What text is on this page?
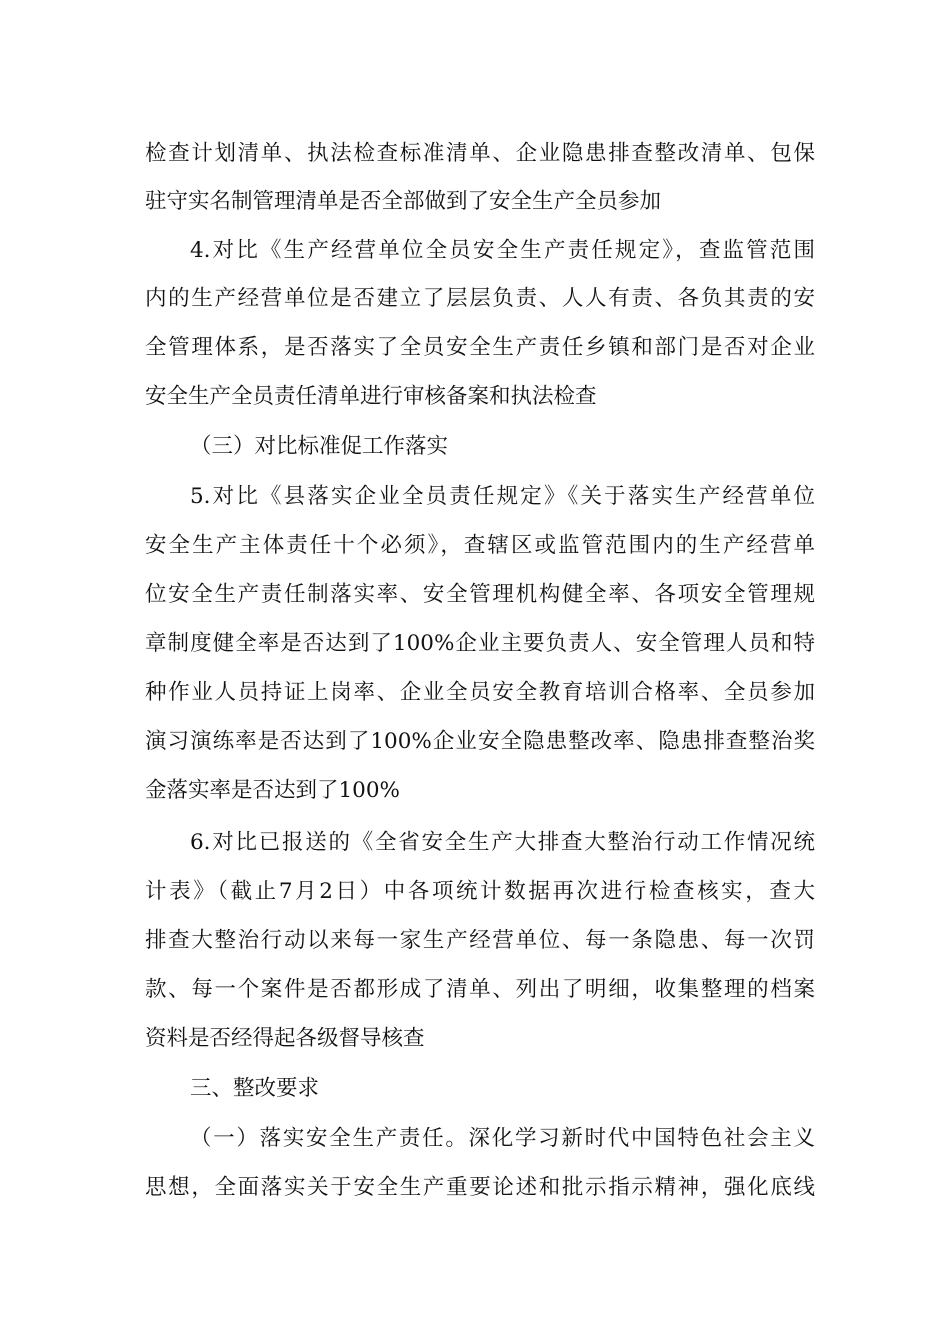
检查计划清单、执法检查标准清单、企业隐患排查整改清单、包保
驻守实名制管理清单是否全部做到了安全生产全员参加
4.对比《生产经营单位全员安全生产责任规定》，查监管范围
内的生产经营单位是否建立了层层负责、人人有责、各负其责的安
全管理体系，是否落实了全员安全生产责任乡镇和部门是否对企业
安全生产全员责任清单进行审核备案和执法检查
（三）对比标准促工作落实
5.对比《县落实企业全员责任规定》《关于落实生产经营单位
安全生产主体责任十个必须》，查辖区或监管范围内的生产经营单
位安全生产责任制落实率、安全管理机构健全率、各项安全管理规
章制度健全率是否达到了100%企业主要负责人、安全管理人员和特
种作业人员持证上岗率、企业全员安全教育培训合格率、全员参加
演习演练率是否达到了100%企业安全隐患整改率、隐患排查整治奖
金落实率是否达到了100%
6.对比已报送的《全省安全生产大排查大整治行动工作情况统
计表》（截止7月2日）中各项统计数据再次进行检查核实，查大
排查大整治行动以来每一家生产经营单位、每一条隐患、每一次罚
款、每一个案件是否都形成了清单、列出了明细，收集整理的档案
资料是否经得起各级督导核查
三、整改要求
（一）落实安全生产责任。深化学习新时代中国特色社会主义
思想，全面落实关于安全生产重要论述和批示指示精神，强化底线
